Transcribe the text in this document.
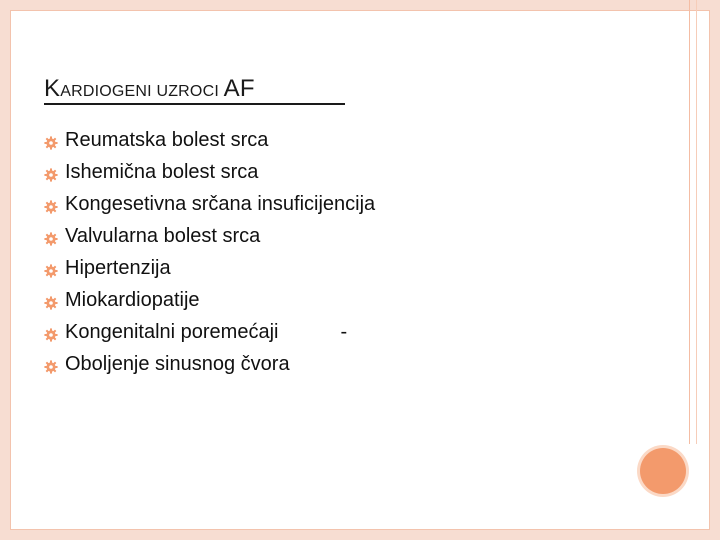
KARDIOGENI UZROCI AF
Reumatska bolest srca
Ishemična bolest srca
Kongesetivna srčana insuficijencija
Valvularna bolest srca
Hipertenzija
Miokardiopatije
Kongenitalni poremećaji	-
Oboljenje sinusnog čvora
